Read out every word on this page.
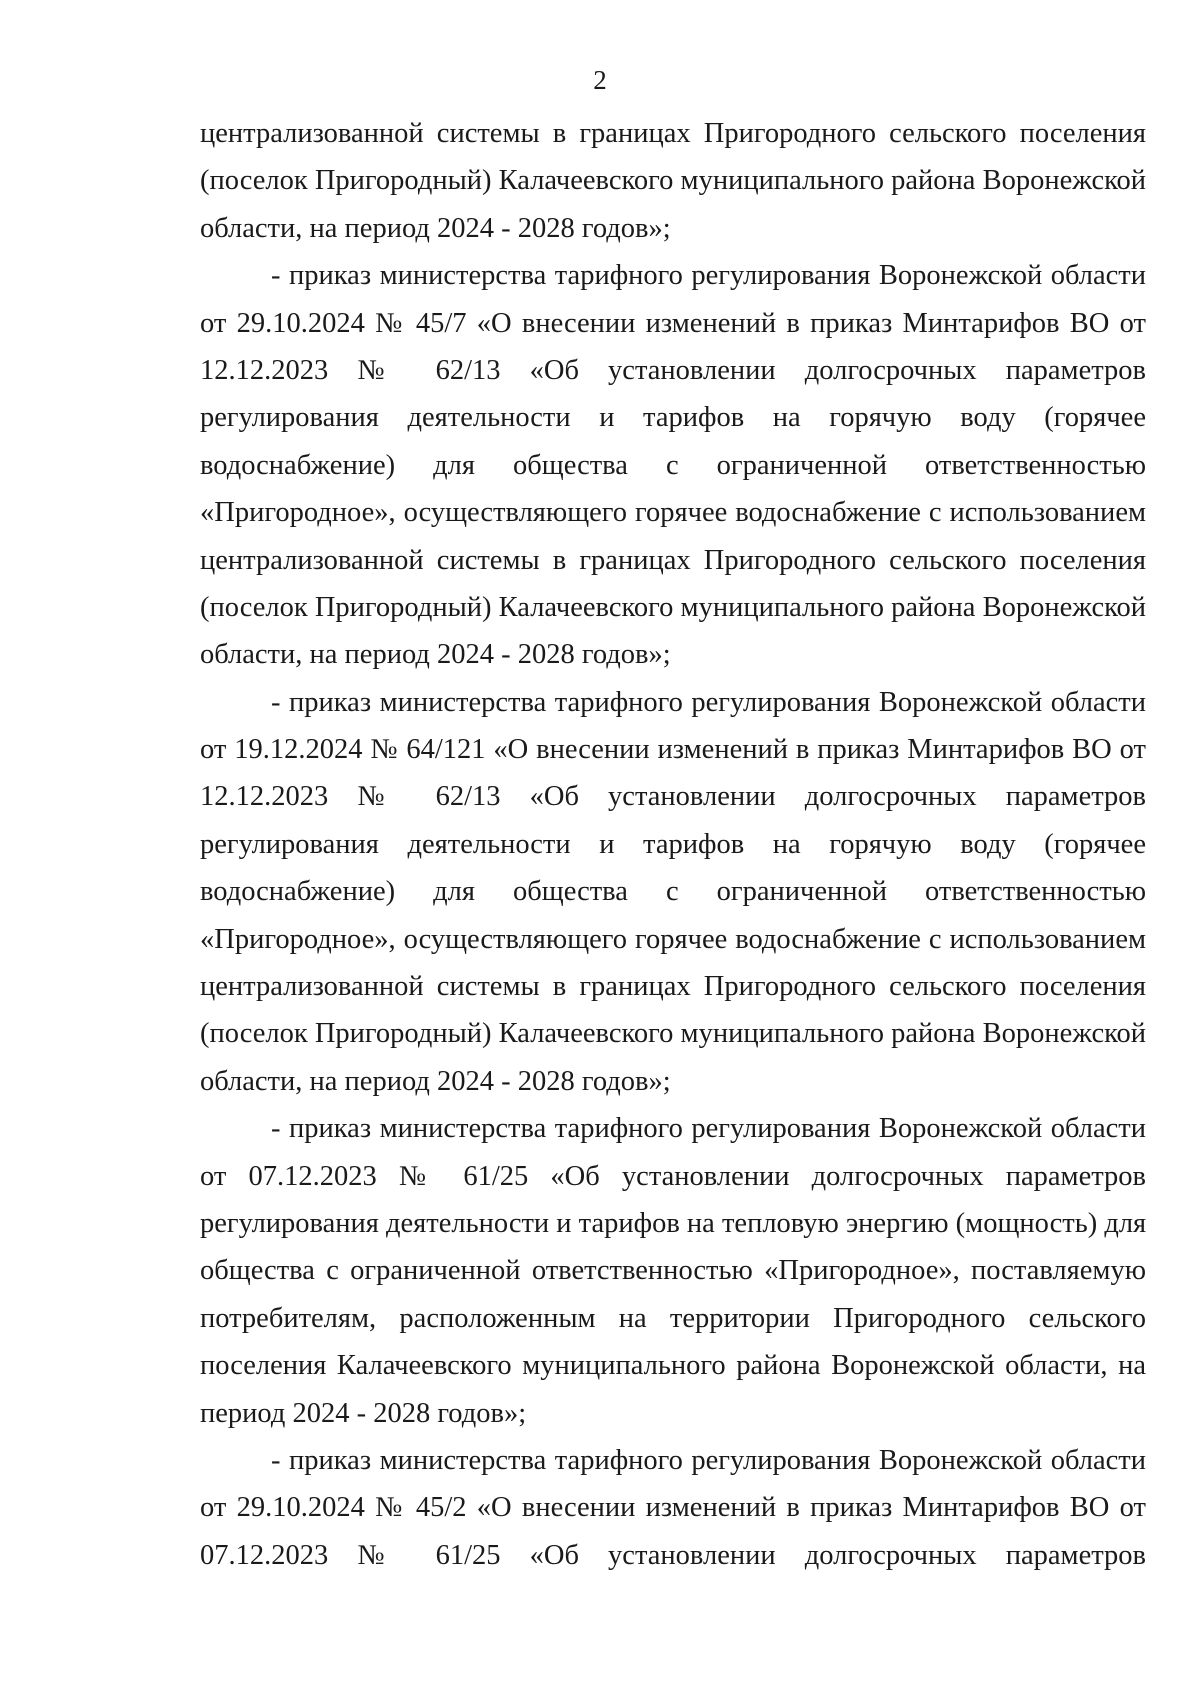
2
централизованной системы в границах Пригородного сельского поселения
(поселок Пригородный) Калачеевского муниципального района Воронежской
области, на период 2024 - 2028 годов»;
- приказ министерства тарифного регулирования Воронежской области
от 29.10.2024 № 45/7 «О внесении изменений в приказ Минтарифов ВО от
12.12.2023 № 62/13 «Об установлении долгосрочных параметров
регулирования деятельности и тарифов на горячую воду (горячее
водоснабжение) для общества с ограниченной ответственностью
«Пригородное», осуществляющего горячее водоснабжение с использованием
централизованной системы в границах Пригородного сельского поселения
(поселок Пригородный) Калачеевского муниципального района Воронежской
области, на период 2024 - 2028 годов»;
- приказ министерства тарифного регулирования Воронежской области
от 19.12.2024 № 64/121 «О внесении изменений в приказ Минтарифов ВО от
12.12.2023 № 62/13 «Об установлении долгосрочных параметров
регулирования деятельности и тарифов на горячую воду (горячее
водоснабжение) для общества с ограниченной ответственностью
«Пригородное», осуществляющего горячее водоснабжение с использованием
централизованной системы в границах Пригородного сельского поселения
(поселок Пригородный) Калачеевского муниципального района Воронежской
области, на период 2024 - 2028 годов»;
- приказ министерства тарифного регулирования Воронежской области
от 07.12.2023 № 61/25 «Об установлении долгосрочных параметров
регулирования деятельности и тарифов на тепловую энергию (мощность) для
общества с ограниченной ответственностью «Пригородное», поставляемую
потребителям, расположенным на территории Пригородного сельского
поселения Калачеевского муниципального района Воронежской области, на
период 2024 - 2028 годов»;
- приказ министерства тарифного регулирования Воронежской области
от 29.10.2024 № 45/2 «О внесении изменений в приказ Минтарифов ВО от
07.12.2023 № 61/25 «Об установлении долгосрочных параметров
